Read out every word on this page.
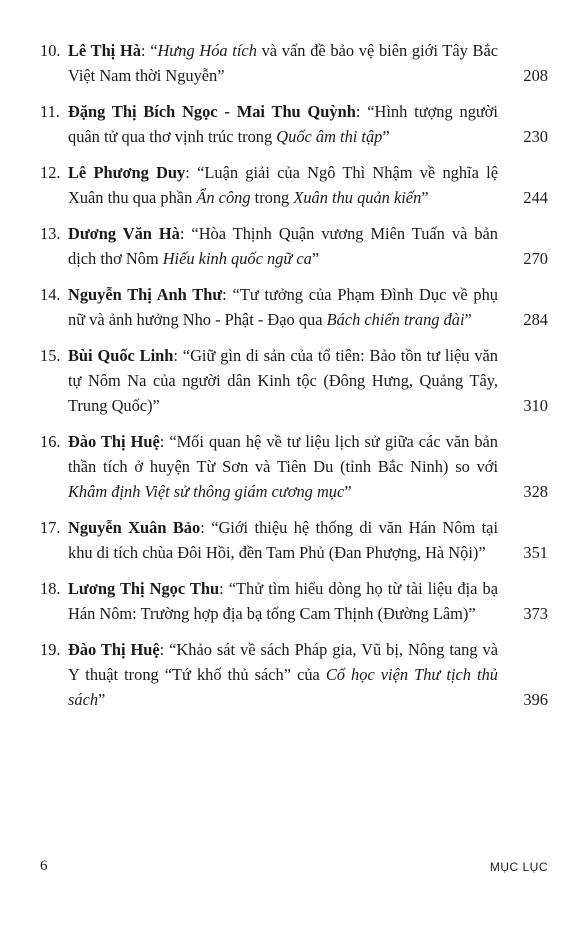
10. Lê Thị Hà: “Hưng Hóa tích và vấn đề bảo vệ biên giới Tây Bắc Việt Nam thời Nguyễn”	208
11. Đặng Thị Bích Ngọc - Mai Thu Quỳnh: “Hình tượng người quân tử qua thơ vịnh trúc trong Quốc âm thi tập”	230
12. Lê Phương Duy: “Luận giải của Ngô Thì Nhậm về nghĩa lệ Xuân thu qua phần Ẩn công trong Xuân thu quản kiến”	244
13. Dương Văn Hà: “Hòa Thịnh Quận vương Miên Tuấn và bản dịch thơ Nôm Hiếu kinh quốc ngữ ca”	270
14. Nguyễn Thị Anh Thư: “Tư tưởng của Phạm Đình Dục về phụ nữ và ảnh hưởng Nho - Phật - Đạo qua Bách chiến trang đài”	284
15. Bùi Quốc Linh: “Giữ gìn di sản của tổ tiên: Bảo tồn tư liệu văn tự Nôm Na của người dân Kinh tộc (Đông Hưng, Quảng Tây, Trung Quốc)”	310
16. Đào Thị Huệ: “Mối quan hệ về tư liệu lịch sử giữa các văn bản thần tích ở huyện Từ Sơn và Tiên Du (tỉnh Bắc Ninh) so với Khâm định Việt sử thông giám cương mục”	328
17. Nguyễn Xuân Bảo: “Giới thiệu hệ thống di văn Hán Nôm tại khu di tích chùa Đôi Hồi, đền Tam Phủ (Đan Phượng, Hà Nội)”	351
18. Lương Thị Ngọc Thu: “Thử tìm hiểu dòng họ từ tài liệu địa bạ Hán Nôm: Trường hợp địa bạ tổng Cam Thịnh (Đường Lâm)”	373
19. Đào Thị Huệ: “Khảo sát về sách Pháp gia, Vũ bị, Nông tang và Y thuật trong “Tứ khố thủ sách” của Cổ học viện Thư tịch thủ sách”	396
6	MỤC LỤC
